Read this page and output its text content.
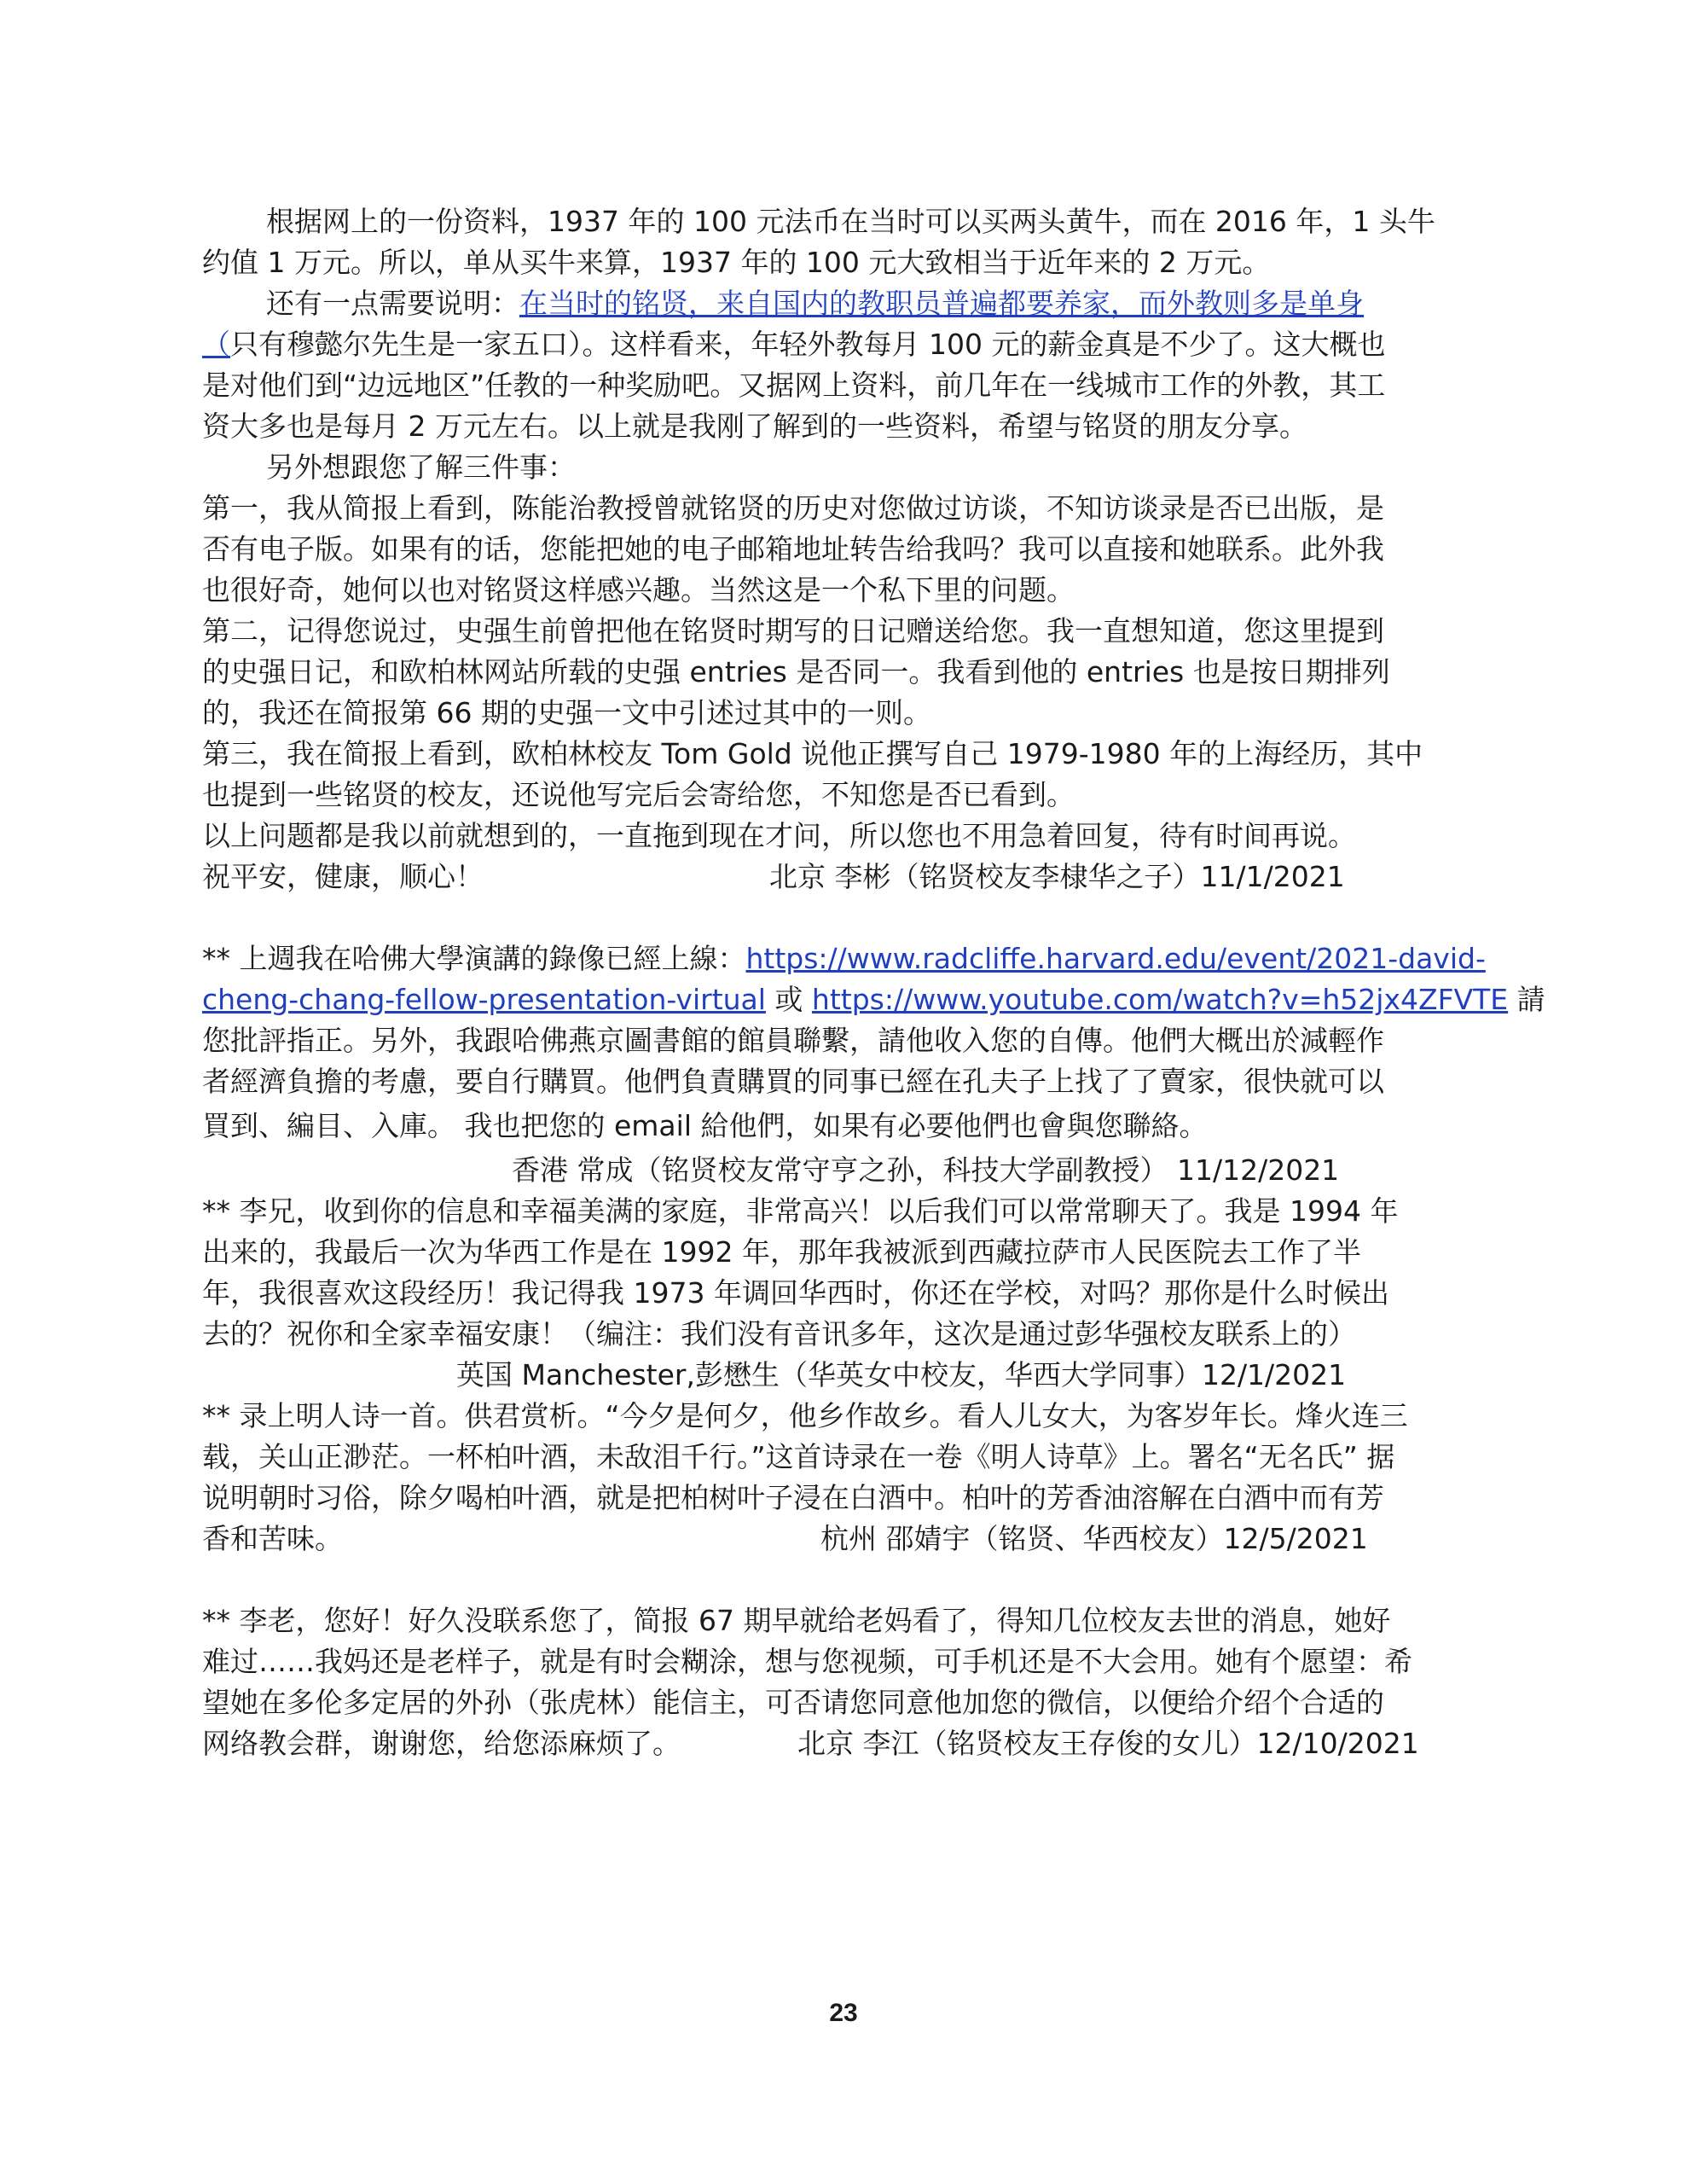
根据网上的一份资料，1937 年的 100 元法币在当时可以买两头黄牛，而在 2016 年，1 头牛
约值 1 万元。所以，单从买牛来算，1937 年的 100 元大致相当于近年来的 2 万元。
还有一点需要说明：在当时的铭贤，来自国内的教职员普遍都要养家，而外教则多是单身
（只有穆懿尔先生是一家五口）。这样看来，年轻外教每月 100 元的薪金真是不少了。这大概也
是对他们到“边远地区”任教的一种奖励吧。又据网上资料，前几年在一线城市工作的外教，其工
资大多也是每月 2 万元左右。以上就是我刚了解到的一些资料，希望与铭贤的朋友分享。
另外想跟您了解三件事：
第一，我从简报上看到，陈能治教授曾就铭贤的历史对您做过访谈，不知访谈录是否已出版，是
否有电子版。如果有的话，您能把她的电子邮箱地址转告给我吗？我可以直接和她联系。此外我
也很好奇，她何以也对铭贤这样感兴趣。当然这是一个私下里的问题。
第二，记得您说过，史强生前曾把他在铭贤时期写的日记赠送给您。我一直想知道，您这里提到
的史强日记，和欧柏林网站所载的史强 entries 是否同一。我看到他的 entries 也是按日期排列
的，我还在简报第 66 期的史强一文中引述过其中的一则。
第三，我在简报上看到，欧柏林校友 Tom Gold 说他正撰写自己 1979-1980 年的上海经历，其中
也提到一些铭贤的校友，还说他写完后会寄给您，不知您是否已看到。
以上问题都是我以前就想到的，一直拖到现在才问，所以您也不用急着回复，待有时间再说。
祝平安，健康，顺心！	北京 李彬（铭贤校友李棣华之子）11/1/2021
** 上週我在哈佛大學演講的錄像已經上線：https://www.radcliffe.harvard.edu/event/2021-david-
cheng-chang-fellow-presentation-virtual 或 https://www.youtube.com/watch?v=h52jx4ZFVTE 請
您批評指正。另外，我跟哈佛燕京圖書館的館員聯繫，請他收入您的自傳。他們大概出於減輕作
者經濟負擔的考慮，要自行購買。他們負責購買的同事已經在孔夫子上找了了賣家，很快就可以
買到、編目、入庫。 我也把您的 email 給他們，如果有必要他們也會與您聯絡。
香港 常成（铭贤校友常守亨之孙，科技大学副教授） 11/12/2021
** 李兄，收到你的信息和幸福美满的家庭，非常高兴！以后我们可以常常聊天了。我是 1994 年
出来的，我最后一次为华西工作是在 1992 年，那年我被派到西藏拉萨市人民医院去工作了半
年，我很喜欢这段经历！我记得我 1973 年调回华西时，你还在学校，对吗？那你是什么时候出
去的？祝你和全家幸福安康！（编注：我们没有音讯多年，这次是通过彭华强校友联系上的）
英国 Manchester,彭懋生（华英女中校友，华西大学同事）12/1/2021
** 录上明人诗一首。供君赏析。“今夕是何夕，他乡作故乡。看人儿女大，为客岁年长。烽火连三
载，关山正渺茫。一杯柏叶酒，未敌泪千行。”这首诗录在一卷《明人诗草》上。署名“无名氏” 据
说明朝时习俗，除夕喝柏叶酒，就是把柏树叶子浸在白酒中。柏叶的芳香油溶解在白酒中而有芳
香和苦味。	杭州 邵婧宇（铭贤、华西校友）12/5/2021
** 李老，您好！好久没联系您了，简报 67 期早就给老妈看了，得知几位校友去世的消息，她好
难过……我妈还是老样子，就是有时会糊涂，想与您视频，可手机还是不大会用。她有个愿望：希
望她在多伦多定居的外孙（张虎林）能信主，可否请您同意他加您的微信，以便给介绍个合适的
网络教会群，谢谢您，给您添麻烦了。	北京 李江（铭贤校友王存俊的女儿）12/10/2021
23
